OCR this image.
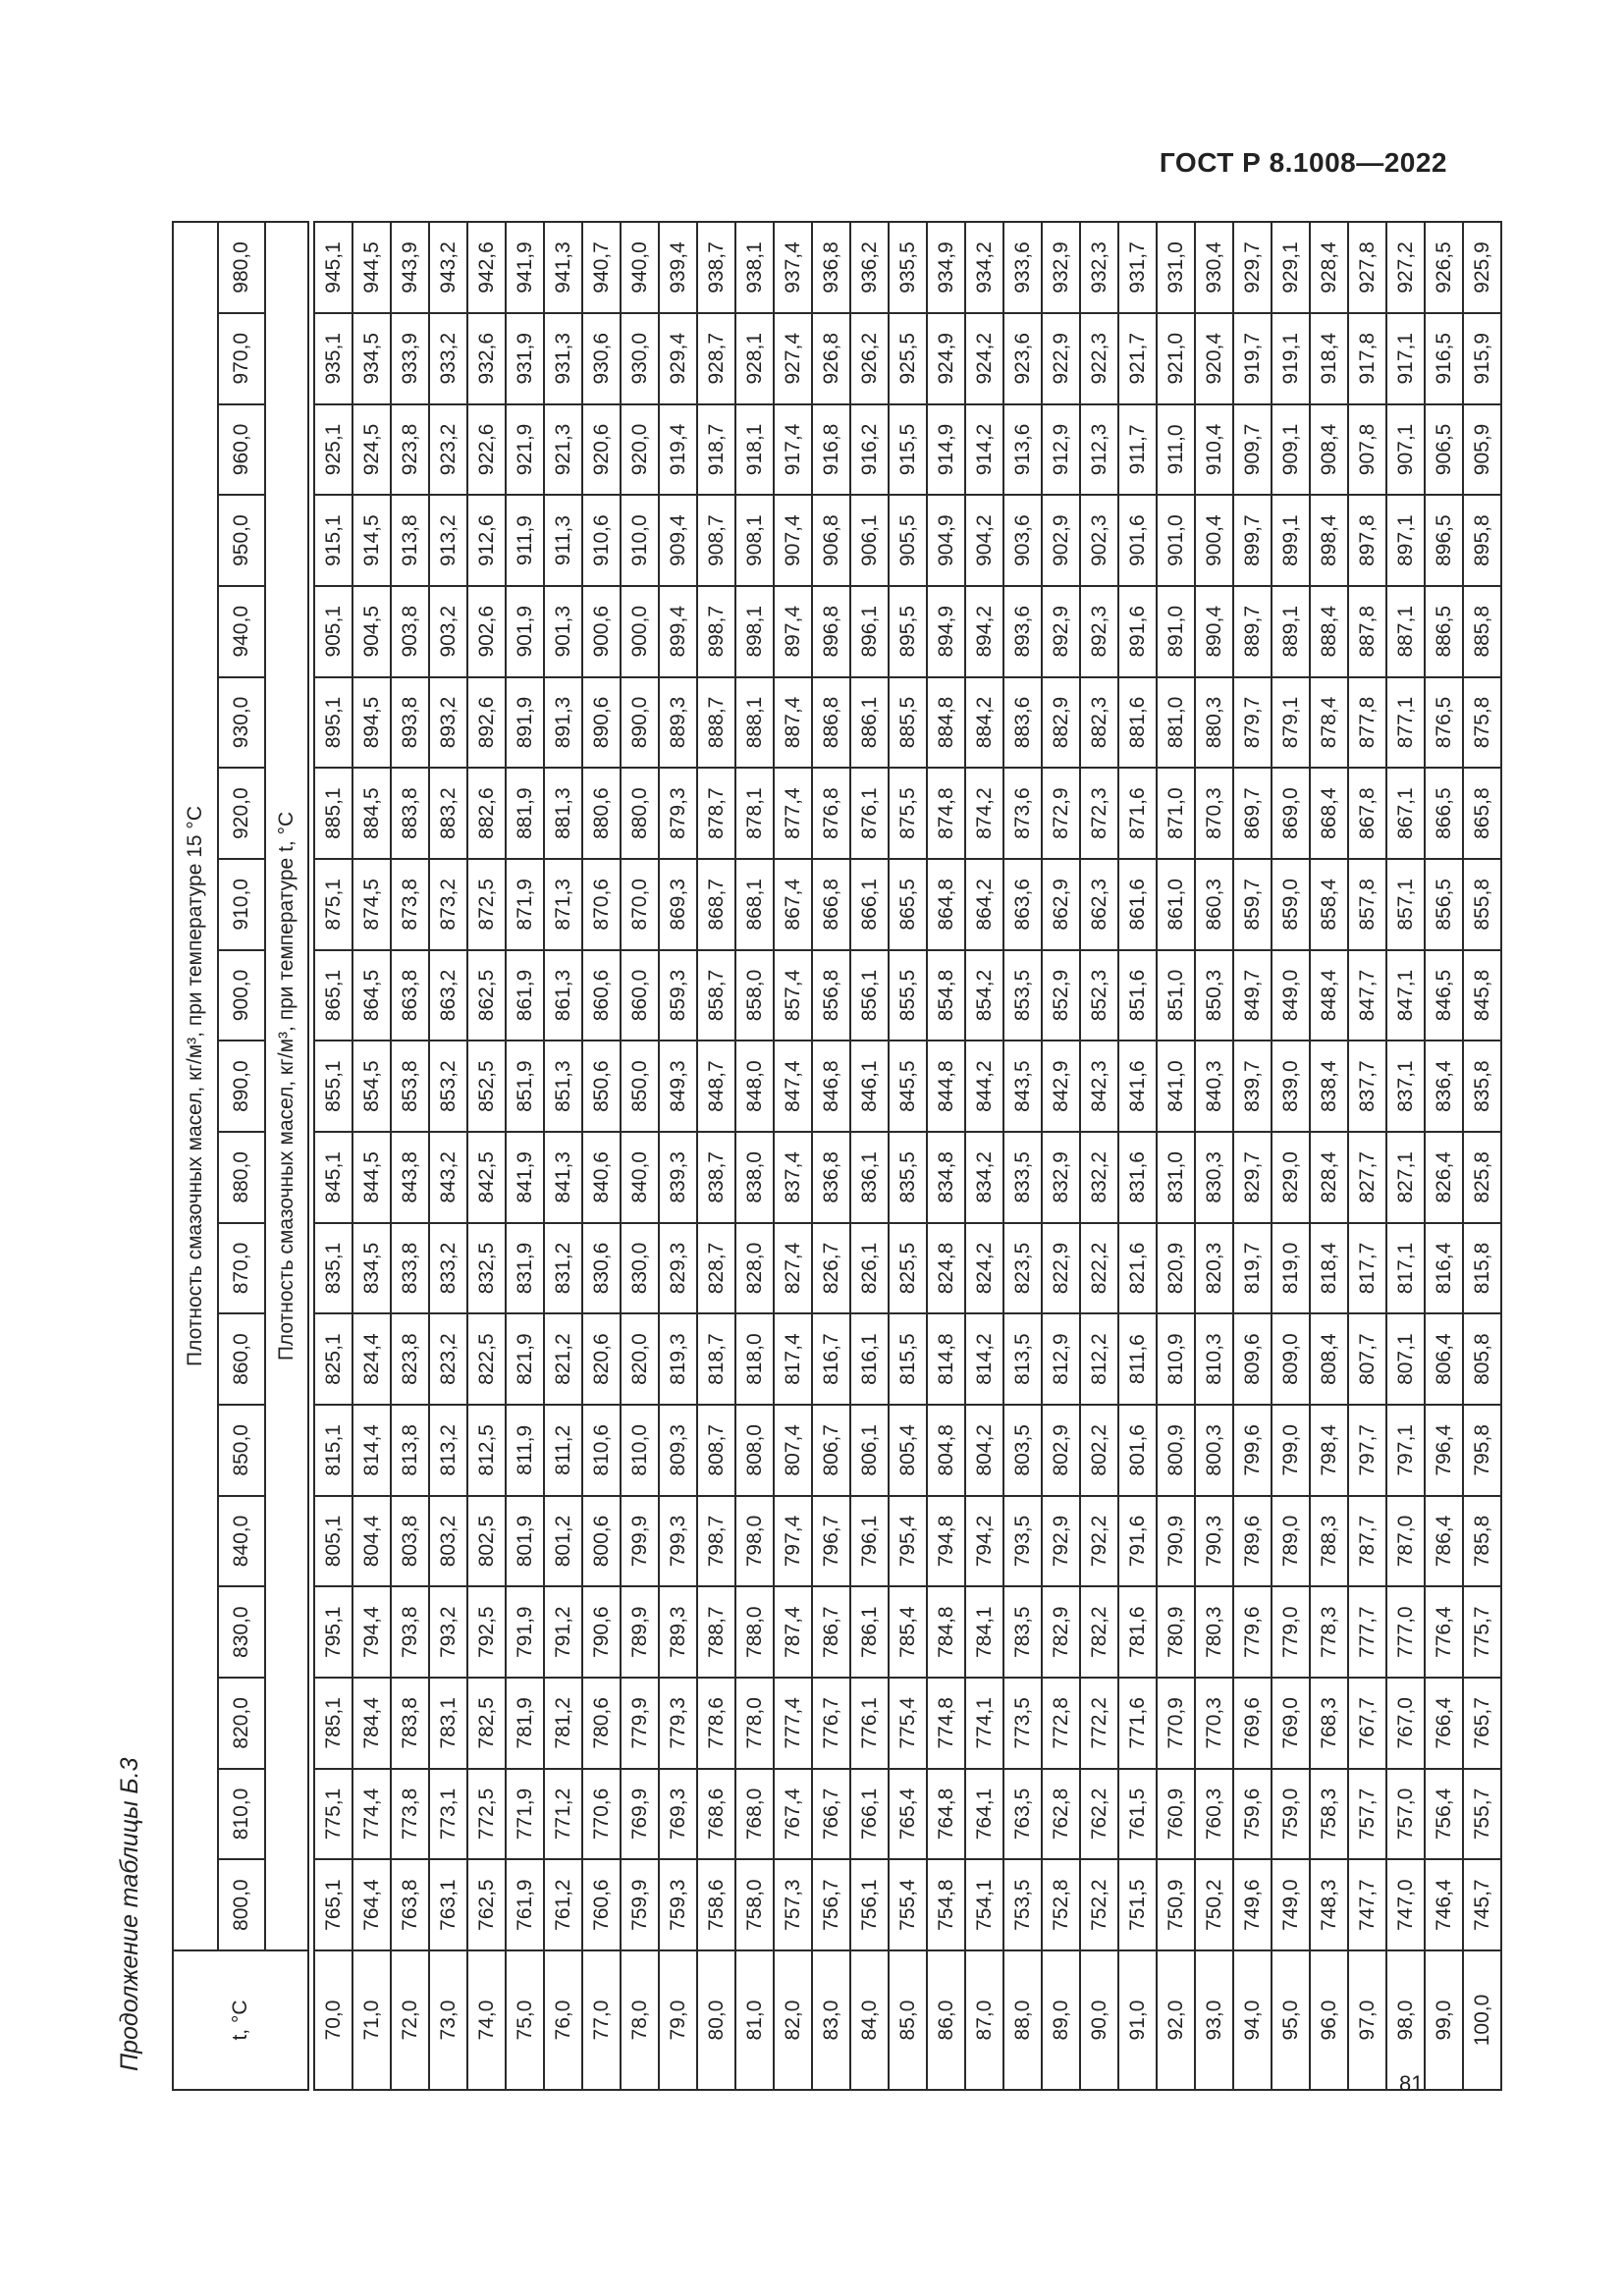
ГОСТ Р 8.1008—2022
Продолжение таблицы Б.3	t, °C	Плотность смазочных масел, кг/м³, при температуре 15 °C																		
	800,0	810,0	820,0	830,0	840,0	850,0	860,0	870,0	880,0	890,0	900,0	910,0	920,0	930,0	940,0	950,0	960,0	970,0	980,0
	Плотность смазочных масел, кг/м³, при температуре t, °C																		

70,0	765,1	775,1	785,1	795,1	805,1	815,1	825,1	835,1	845,1	855,1	865,1	875,1	885,1	895,1	905,1	915,1	925,1	935,1	945,1
71,0	764,4	774,4	784,4	794,4	804,4	814,4	824,4	834,5	844,5	854,5	864,5	874,5	884,5	894,5	904,5	914,5	924,5	934,5	944,5
72,0	763,8	773,8	783,8	793,8	803,8	813,8	823,8	833,8	843,8	853,8	863,8	873,8	883,8	893,8	903,8	913,8	923,8	933,9	943,9
73,0	763,1	773,1	783,1	793,2	803,2	813,2	823,2	833,2	843,2	853,2	863,2	873,2	883,2	893,2	903,2	913,2	923,2	933,2	943,2
74,0	762,5	772,5	782,5	792,5	802,5	812,5	822,5	832,5	842,5	852,5	862,5	872,5	882,6	892,6	902,6	912,6	922,6	932,6	942,6
75,0	761,9	771,9	781,9	791,9	801,9	811,9	821,9	831,9	841,9	851,9	861,9	871,9	881,9	891,9	901,9	911,9	921,9	931,9	941,9
76,0	761,2	771,2	781,2	791,2	801,2	811,2	821,2	831,2	841,3	851,3	861,3	871,3	881,3	891,3	901,3	911,3	921,3	931,3	941,3
77,0	760,6	770,6	780,6	790,6	800,6	810,6	820,6	830,6	840,6	850,6	860,6	870,6	880,6	890,6	900,6	910,6	920,6	930,6	940,7
78,0	759,9	769,9	779,9	789,9	799,9	810,0	820,0	830,0	840,0	850,0	860,0	870,0	880,0	890,0	900,0	910,0	920,0	930,0	940,0
79,0	759,3	769,3	779,3	789,3	799,3	809,3	819,3	829,3	839,3	849,3	859,3	869,3	879,3	889,3	899,4	909,4	919,4	929,4	939,4
80,0	758,6	768,6	778,6	788,7	798,7	808,7	818,7	828,7	838,7	848,7	858,7	868,7	878,7	888,7	898,7	908,7	918,7	928,7	938,7
81,0	758,0	768,0	778,0	788,0	798,0	808,0	818,0	828,0	838,0	848,0	858,0	868,1	878,1	888,1	898,1	908,1	918,1	928,1	938,1
82,0	757,3	767,4	777,4	787,4	797,4	807,4	817,4	827,4	837,4	847,4	857,4	867,4	877,4	887,4	897,4	907,4	917,4	927,4	937,4
83,0	756,7	766,7	776,7	786,7	796,7	806,7	816,7	826,7	836,8	846,8	856,8	866,8	876,8	886,8	896,8	906,8	916,8	926,8	936,8
84,0	756,1	766,1	776,1	786,1	796,1	806,1	816,1	826,1	836,1	846,1	856,1	866,1	876,1	886,1	896,1	906,1	916,2	926,2	936,2
85,0	755,4	765,4	775,4	785,4	795,4	805,4	815,5	825,5	835,5	845,5	855,5	865,5	875,5	885,5	895,5	905,5	915,5	925,5	935,5
86,0	754,8	764,8	774,8	784,8	794,8	804,8	814,8	824,8	834,8	844,8	854,8	864,8	874,8	884,8	894,9	904,9	914,9	924,9	934,9
87,0	754,1	764,1	774,1	784,1	794,2	804,2	814,2	824,2	834,2	844,2	854,2	864,2	874,2	884,2	894,2	904,2	914,2	924,2	934,2
88,0	753,5	763,5	773,5	783,5	793,5	803,5	813,5	823,5	833,5	843,5	853,5	863,6	873,6	883,6	893,6	903,6	913,6	923,6	933,6
89,0	752,8	762,8	772,8	782,9	792,9	802,9	812,9	822,9	832,9	842,9	852,9	862,9	872,9	882,9	892,9	902,9	912,9	922,9	932,9
90,0	752,2	762,2	772,2	782,2	792,2	802,2	812,2	822,2	832,2	842,3	852,3	862,3	872,3	882,3	892,3	902,3	912,3	922,3	932,3
91,0	751,5	761,5	771,6	781,6	791,6	801,6	811,6	821,6	831,6	841,6	851,6	861,6	871,6	881,6	891,6	901,6	911,7	921,7	931,7
92,0	750,9	760,9	770,9	780,9	790,9	800,9	810,9	820,9	831,0	841,0	851,0	861,0	871,0	881,0	891,0	901,0	911,0	921,0	931,0
93,0	750,2	760,3	770,3	780,3	790,3	800,3	810,3	820,3	830,3	840,3	850,3	860,3	870,3	880,3	890,4	900,4	910,4	920,4	930,4
94,0	749,6	759,6	769,6	779,6	789,6	799,6	809,6	819,7	829,7	839,7	849,7	859,7	869,7	879,7	889,7	899,7	909,7	919,7	929,7
95,0	749,0	759,0	769,0	779,0	789,0	799,0	809,0	819,0	829,0	839,0	849,0	859,0	869,0	879,1	889,1	899,1	909,1	919,1	929,1
96,0	748,3	758,3	768,3	778,3	788,3	798,4	808,4	818,4	828,4	838,4	848,4	858,4	868,4	878,4	888,4	898,4	908,4	918,4	928,4
97,0	747,7	757,7	767,7	777,7	787,7	797,7	807,7	817,7	827,7	837,7	847,7	857,8	867,8	877,8	887,8	897,8	907,8	917,8	927,8
98,0	747,0	757,0	767,0	777,0	787,0	797,1	807,1	817,1	827,1	837,1	847,1	857,1	867,1	877,1	887,1	897,1	907,1	917,1	927,2
99,0	746,4	756,4	766,4	776,4	786,4	796,4	806,4	816,4	826,4	836,4	846,5	856,5	866,5	876,5	886,5	896,5	906,5	916,5	926,5
100,0	745,7	755,7	765,7	775,7	785,8	795,8	805,8	815,8	825,8	835,8	845,8	855,8	865,8	875,8	885,8	895,8	905,9	915,9	925,9
81
